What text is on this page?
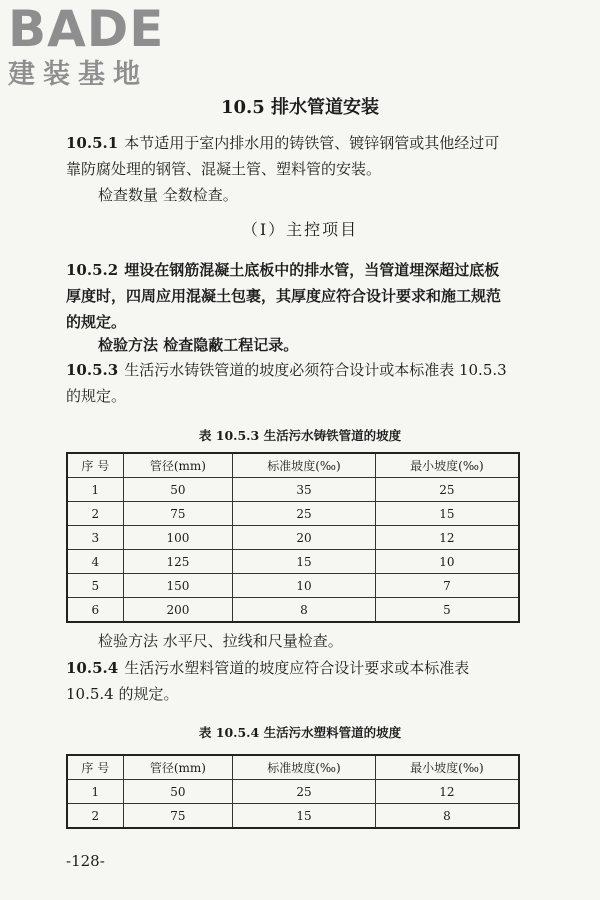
BADE
建装基地
10.5 排水管道安装

10.5.1 本节适用于室内排水用的铸铁管、镀锌钢管或其他经过可
靠防腐处理的钢管、混凝土管、塑料管的安装。

检查数量 全数检查。

（I）主控项目

10.5.2 埋设在钢筋混凝土底板中的排水管，当管道埋深超过底板
厚度时，四周应用混凝土包裹，其厚度应符合设计要求和施工规范
的规定。

检验方法 检查隐蔽工程记录。

10.5.3 生活污水铸铁管道的坡度必须符合设计或本标准表 10.5.3
的规定。

表 10.5.3 生活污水铸铁管道的坡度
序 号	管径(mm)	标准坡度(‰)	最小坡度(‰)
1	50	35	25
2	75	25	15
3	100	20	12
4	125	15	10
5	150	10	7
6	200	8	5

检验方法 水平尺、拉线和尺量检查。

10.5.4 生活污水塑料管道的坡度应符合设计要求或本标准表
10.5.4 的规定。

表 10.5.4 生活污水塑料管道的坡度
序 号	管径(mm)	标准坡度(‰)	最小坡度(‰)
1	50	25	12
2	75	15	8
-128-
